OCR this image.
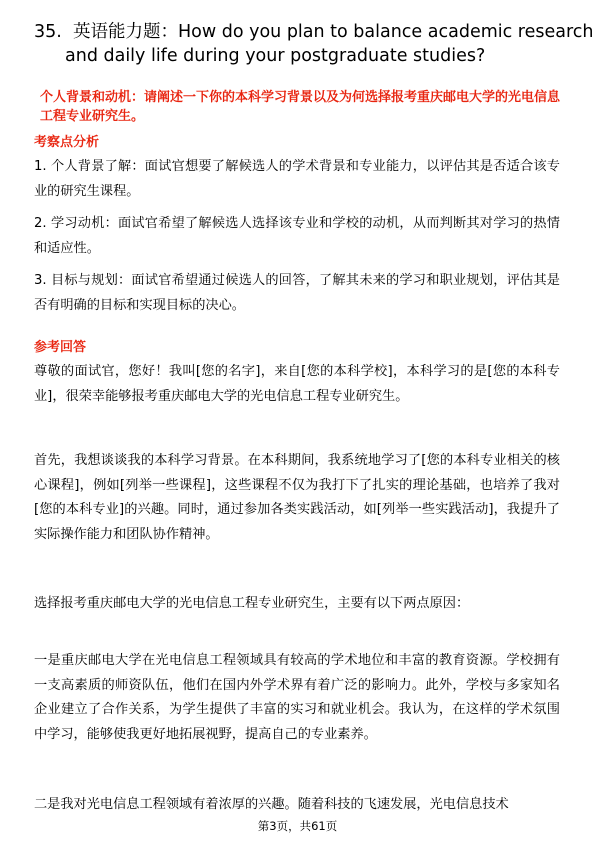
35. 英语能力题：How do you plan to balance academic research
and daily life during your postgraduate studies?

个人背景和动机：请阐述一下你的本科学习背景以及为何选择报考重庆邮电大学的光电信息工程专业研究生。

考察点分析

1. 个人背景了解：面试官想要了解候选人的学术背景和专业能力，以评估其是否适合该专业的研究生课程。

2. 学习动机：面试官希望了解候选人选择该专业和学校的动机，从而判断其对学习的热情和适应性。

3. 目标与规划：面试官希望通过候选人的回答，了解其未来的学习和职业规划，评估其是否有明确的目标和实现目标的决心。

参考回答

尊敬的面试官，您好！我叫[您的名字]，来自[您的本科学校]，本科学习的是[您的本科专业]，很荣幸能够报考重庆邮电大学的光电信息工程专业研究生。

首先，我想谈谈我的本科学习背景。在本科期间，我系统地学习了[您的本科专业相关的核心课程]，例如[列举一些课程]，这些课程不仅为我打下了扎实的理论基础，也培养了我对[您的本科专业]的兴趣。同时，通过参加各类实践活动，如[列举一些实践活动]，我提升了实际操作能力和团队协作精神。

选择报考重庆邮电大学的光电信息工程专业研究生，主要有以下两点原因：

一是重庆邮电大学在光电信息工程领域具有较高的学术地位和丰富的教育资源。学校拥有一支高素质的师资队伍，他们在国内外学术界有着广泛的影响力。此外，学校与多家知名企业建立了合作关系，为学生提供了丰富的实习和就业机会。我认为，在这样的学术氛围中学习，能够使我更好地拓展视野，提高自己的专业素养。

二是我对光电信息工程领域有着浓厚的兴趣。随着科技的飞速发展，光电信息技术

第3页，共61页
